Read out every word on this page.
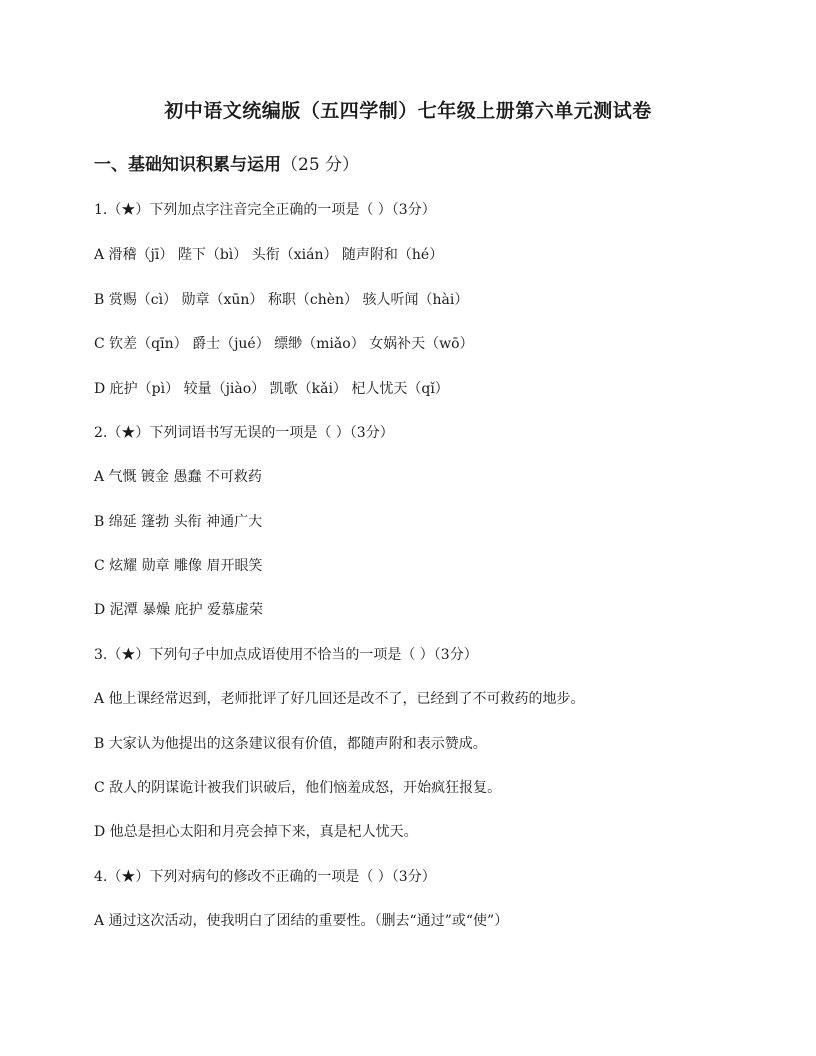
初中语文统编版（五四学制）七年级上册第六单元测试卷
一、基础知识积累与运用（25 分）
1.（★）下列加点字注音完全正确的一项是（ ）（3分）
A 滑稽（jī） 陛下（bì） 头衔（xián） 随声附和（hé）
B 赏赐（cì） 勋章（xūn） 称职（chèn） 骇人听闻（hài）
C 钦差（qīn） 爵士（jué） 缥缈（miǎo） 女娲补天（wō）
D 庇护（pì） 较量（jiào） 凯歌（kǎi） 杞人忧天（qǐ）
2.（★）下列词语书写无误的一项是（ ）（3分）
A 气慨 镀金 愚蠢 不可救药
B 绵延 篷勃 头衔 神通广大
C 炫耀 勋章 雕像 眉开眼笑
D 泥潭 暴燥 庇护 爱慕虚荣
3.（★）下列句子中加点成语使用不恰当的一项是（ ）（3分）
A 他上课经常迟到，老师批评了好几回还是改不了，已经到了不可救药的地步。
B 大家认为他提出的这条建议很有价值，都随声附和表示赞成。
C 敌人的阴谋诡计被我们识破后，他们恼羞成怒，开始疯狂报复。
D 他总是担心太阳和月亮会掉下来，真是杞人忧天。
4.（★）下列对病句的修改不正确的一项是（ ）（3分）
A 通过这次活动，使我明白了团结的重要性。（删去“通过”或“使”）
